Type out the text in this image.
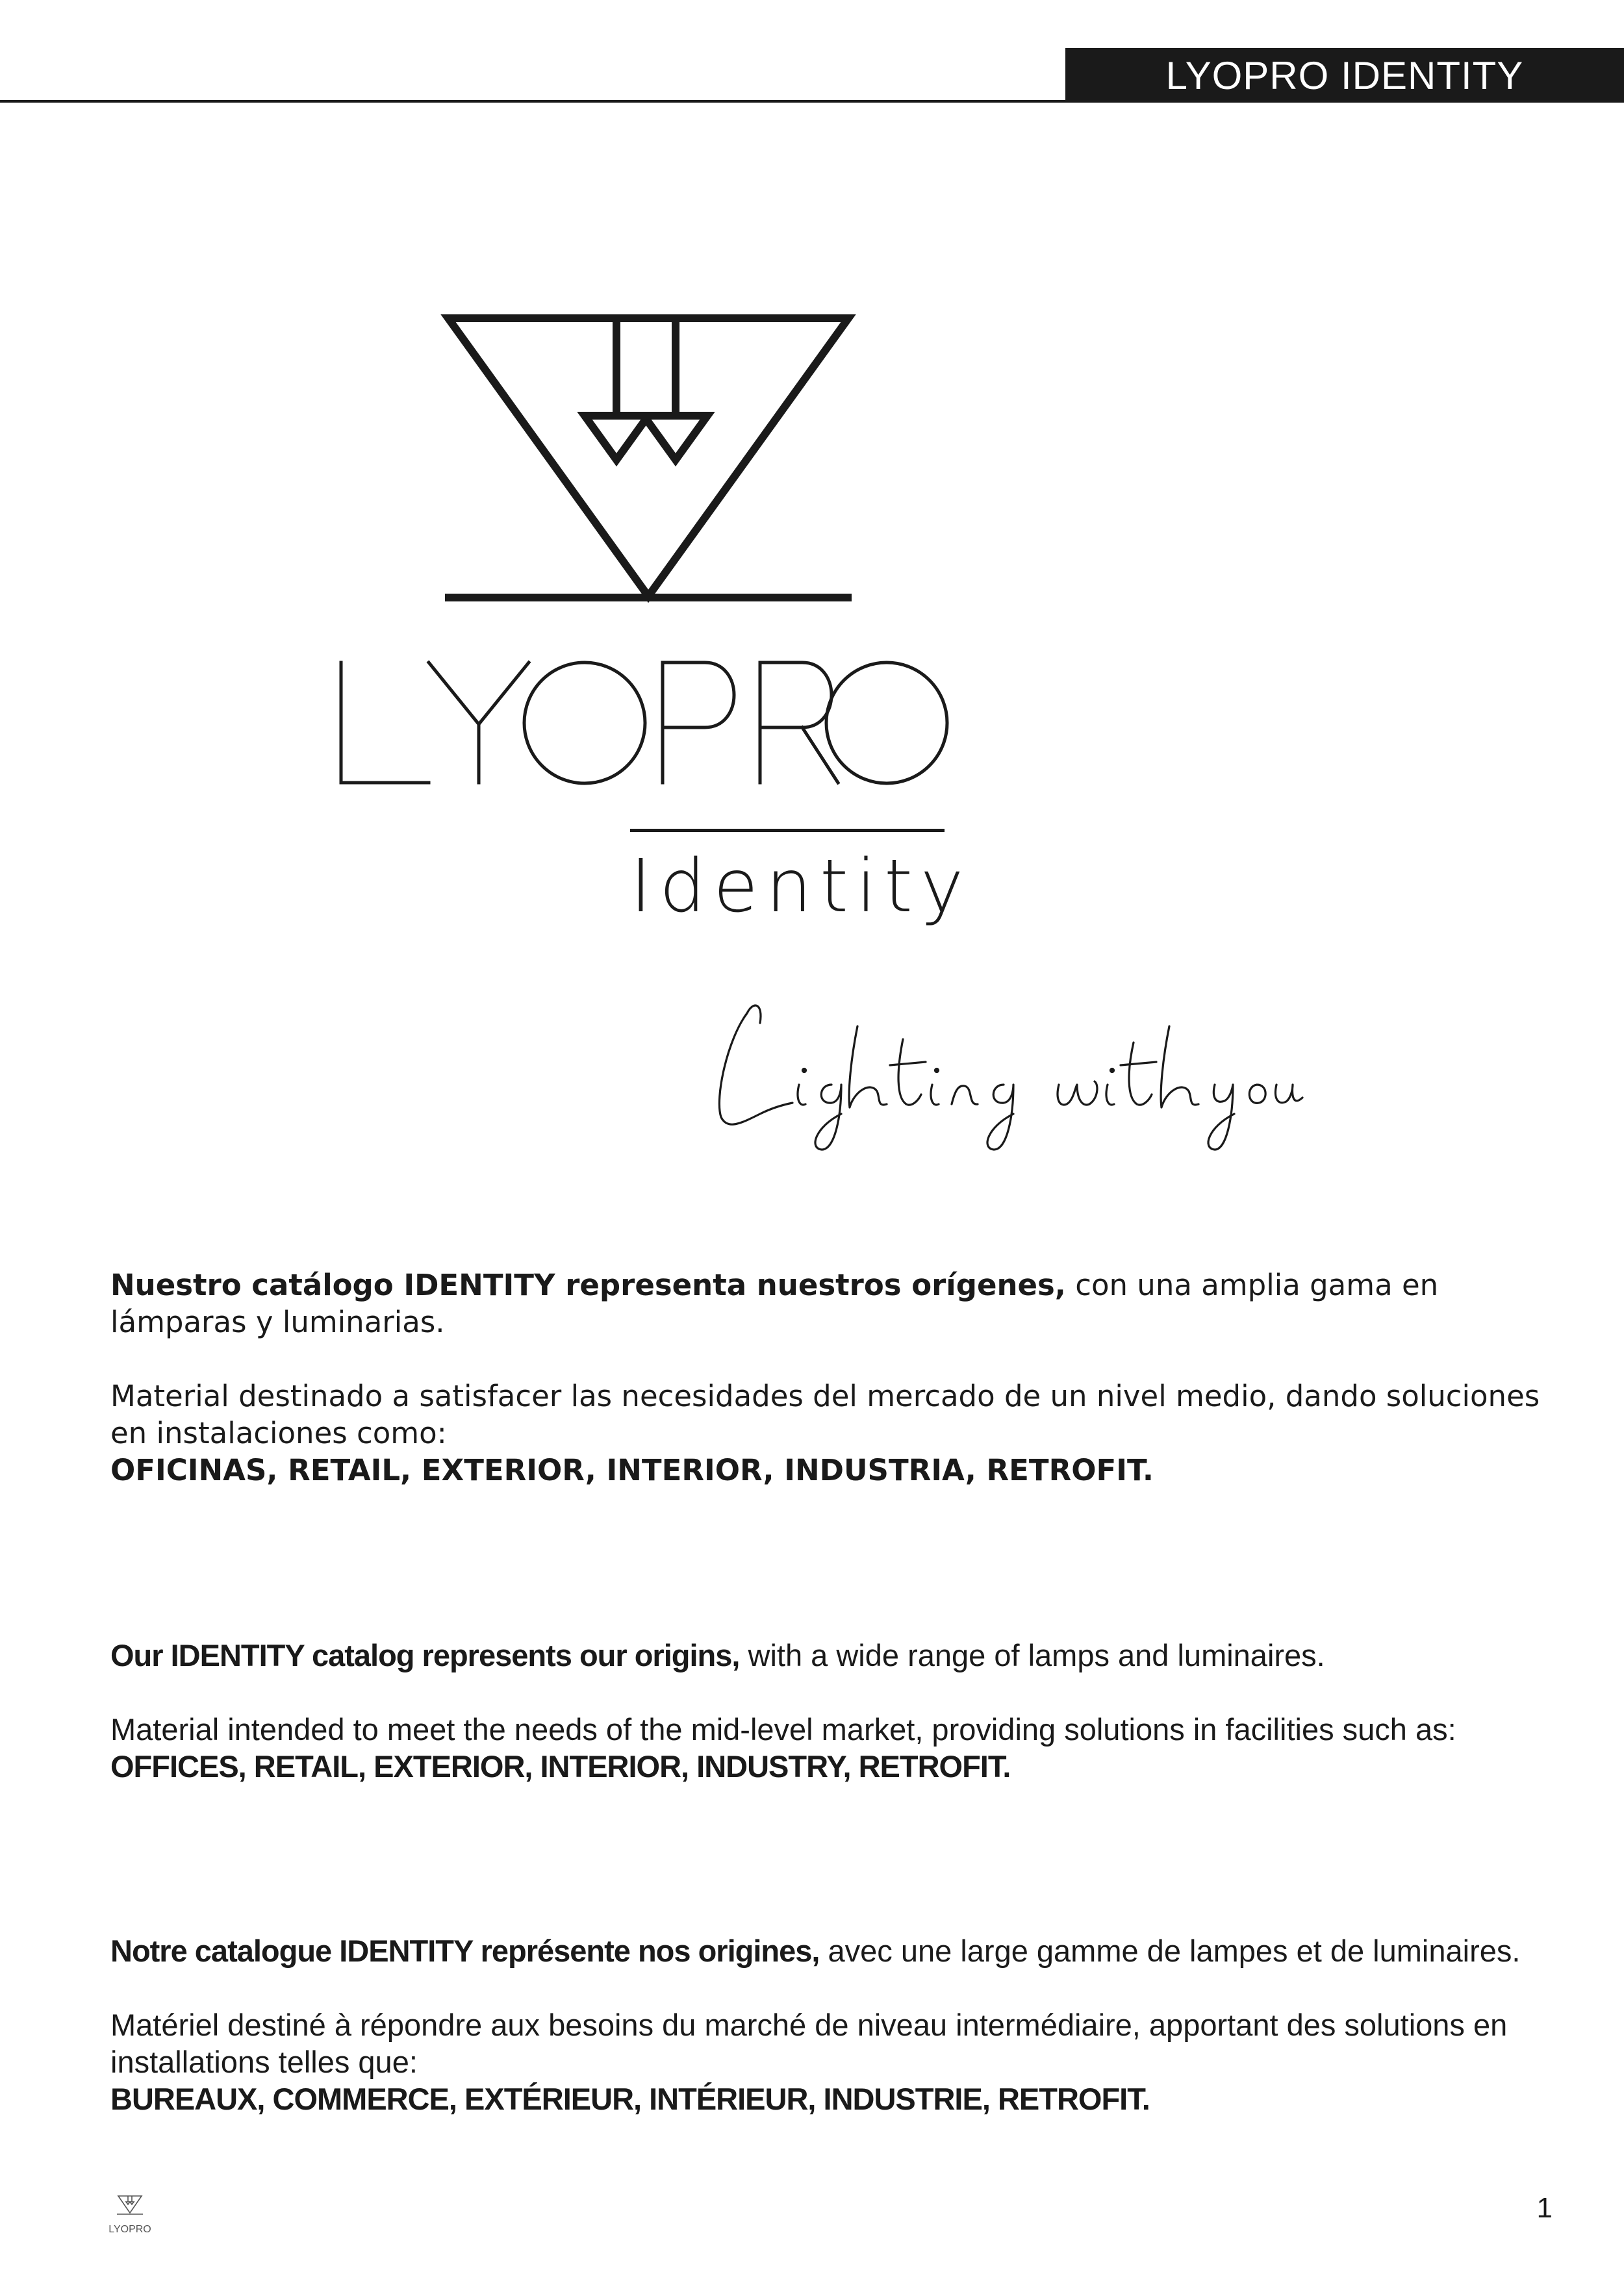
LYOPRO IDENTITY
Identity

Nuestro catálogo IDENTITY representa nuestros orígenes, con una amplia gama en lámparas y luminarias.

Material destinado a satisfacer las necesidades del mercado de un nivel medio, dando soluciones en instalaciones como:

OFICINAS, RETAIL, EXTERIOR, INTERIOR, INDUSTRIA, RETROFIT.

Our IDENTITY catalog represents our origins, with a wide range of lamps and luminaires.

Material intended to meet the needs of the mid-level market, providing solutions in facilities such as:

OFFICES, RETAIL, EXTERIOR, INTERIOR, INDUSTRY, RETROFIT.

Notre catalogue IDENTITY représente nos origines, avec une large gamme de lampes et de luminaires.

Matériel destiné à répondre aux besoins du marché de niveau intermédiaire, apportant des solutions en installations telles que:

BUREAUX, COMMERCE, EXTÉRIEUR, INTÉRIEUR, INDUSTRIE, RETROFIT.

LYOPRO
1
